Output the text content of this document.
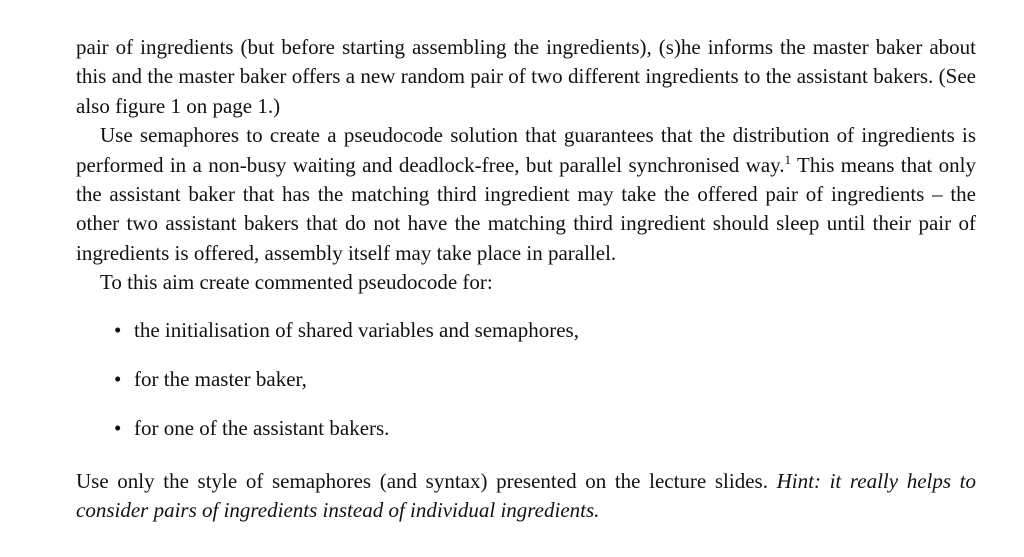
pair of ingredients (but before starting assembling the ingredients), (s)he informs the master baker about this and the master baker offers a new random pair of two different ingredients to the assistant bakers. (See also figure 1 on page 1.)

Use semaphores to create a pseudocode solution that guarantees that the distribution of ingredients is performed in a non-busy waiting and deadlock-free, but parallel synchronised way.$^1$ This means that only the assistant baker that has the matching third ingredient may take the offered pair of ingredients – the other two assistant bakers that do not have the matching third ingredient should sleep until their pair of ingredients is offered, assembly itself may take place in parallel.

To this aim create commented pseudocode for:

• the initialisation of shared variables and semaphores,
• for the master baker,
• for one of the assistant bakers.

Use only the style of semaphores (and syntax) presented on the lecture slides. Hint: it really helps to consider pairs of ingredients instead of individual ingredients.
